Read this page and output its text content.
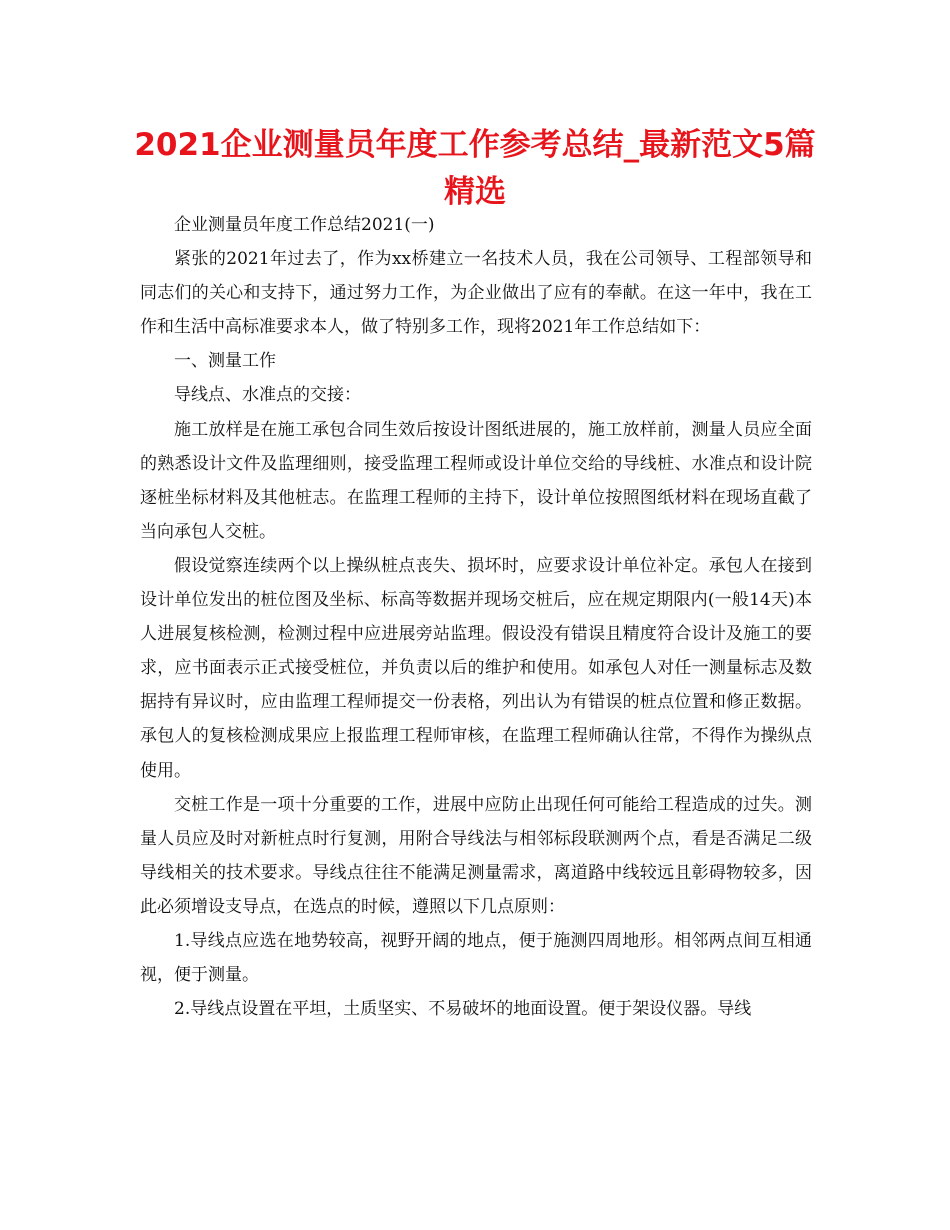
2021企业测量员年度工作参考总结_最新范文5篇精选

企业测量员年度工作总结2021(一)

紧张的2021年过去了，作为xx桥建立一名技术人员，我在公司领导、工程部领导和同志们的关心和支持下，通过努力工作，为企业做出了应有的奉献。在这一年中，我在工作和生活中高标准要求本人，做了特别多工作，现将2021年工作总结如下：

一、测量工作

导线点、水准点的交接：

施工放样是在施工承包合同生效后按设计图纸进展的，施工放样前，测量人员应全面的熟悉设计文件及监理细则，接受监理工程师或设计单位交给的导线桩、水准点和设计院逐桩坐标材料及其他桩志。在监理工程师的主持下，设计单位按照图纸材料在现场直截了当向承包人交桩。

假设觉察连续两个以上操纵桩点丧失、损坏时，应要求设计单位补定。承包人在接到设计单位发出的桩位图及坐标、标高等数据并现场交桩后，应在规定期限内(一般14天)本人进展复核检测，检测过程中应进展旁站监理。假设没有错误且精度符合设计及施工的要求，应书面表示正式接受桩位，并负责以后的维护和使用。如承包人对任一测量标志及数据持有异议时，应由监理工程师提交一份表格，列出认为有错误的桩点位置和修正数据。承包人的复核检测成果应上报监理工程师审核，在监理工程师确认往常，不得作为操纵点使用。

交桩工作是一项十分重要的工作，进展中应防止出现任何可能给工程造成的过失。测量人员应及时对新桩点时行复测，用附合导线法与相邻标段联测两个点，看是否满足二级导线相关的技术要求。导线点往往不能满足测量需求，离道路中线较远且彰碍物较多，因此必须增设支导点，在选点的时候，遵照以下几点原则：

1.导线点应选在地势较高，视野开阔的地点，便于施测四周地形。相邻两点间互相通视，便于测量。

2.导线点设置在平坦，土质坚实、不易破坏的地面设置。便于架设仪器。导线
